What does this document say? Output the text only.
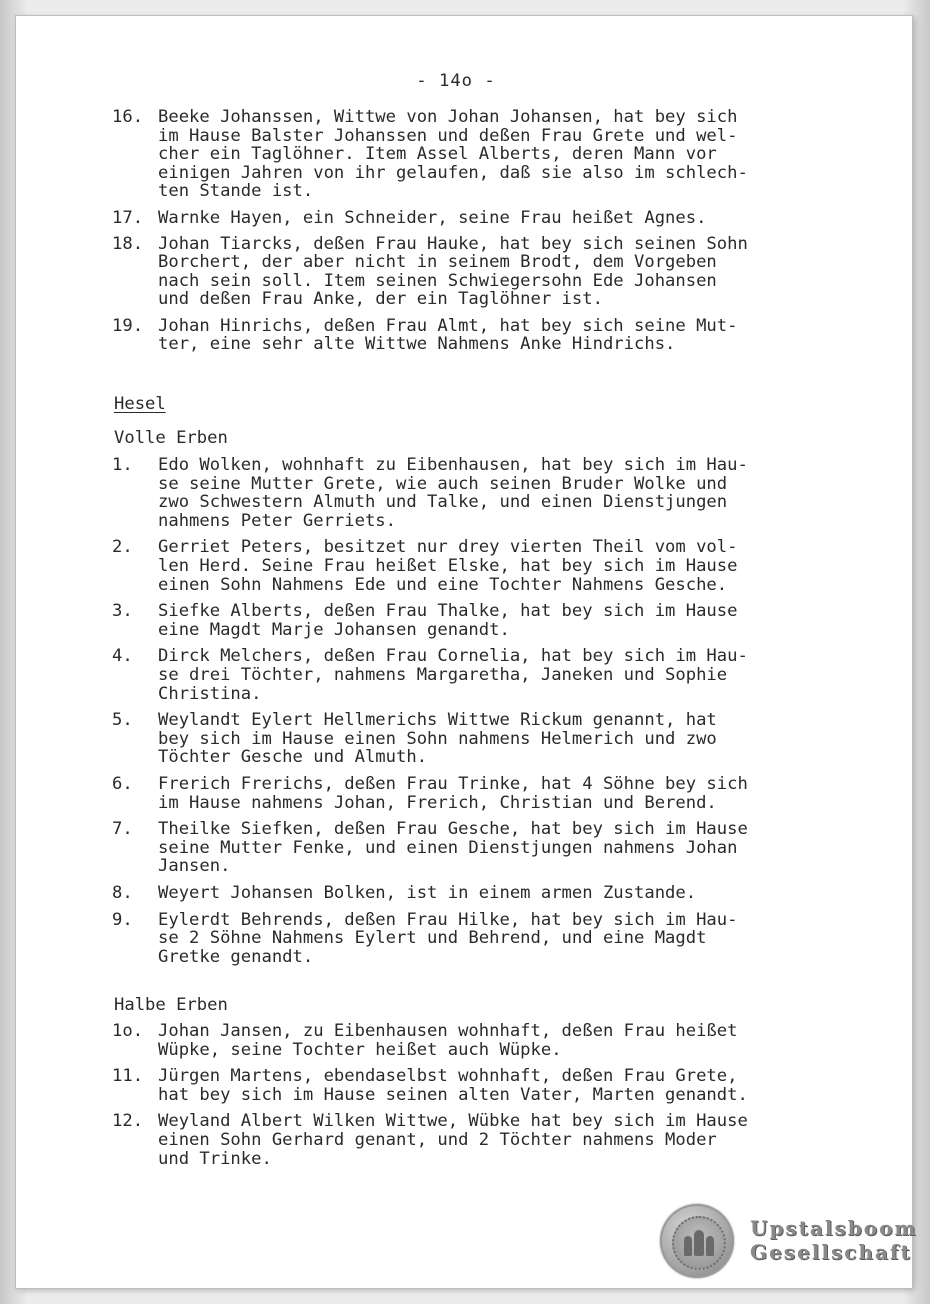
- 14o -
16. Beeke Johanssen, Wittwe von Johan Johansen, hat bey sich
im Hause Balster Johanssen und deßen Frau Grete und wel-
cher ein Taglöhner. Item Assel Alberts, deren Mann vor
einigen Jahren von ihr gelaufen, daß sie also im schlech-
ten Stande ist.
17. Warnke Hayen, ein Schneider, seine Frau heißet Agnes.
18. Johan Tiarcks, deßen Frau Hauke, hat bey sich seinen Sohn
Borchert, der aber nicht in seinem Brodt, dem Vorgeben
nach sein soll. Item seinen Schwiegersohn Ede Johansen
und deßen Frau Anke, der ein Taglöhner ist.
19. Johan Hinrichs, deßen Frau Almt, hat bey sich seine Mut-
ter, eine sehr alte Wittwe Nahmens Anke Hindrichs.
Hesel
Volle Erben
1.	Edo Wolken, wohnhaft zu Eibenhausen, hat bey sich im Hau-
se seine Mutter Grete, wie auch seinen Bruder Wolke und
zwo Schwestern Almuth und Talke, und einen Dienstjungen
nahmens Peter Gerriets.
2.	Gerriet Peters, besitzet nur drey vierten Theil vom vol-
len Herd. Seine Frau heißet Elske, hat bey sich im Hause
einen Sohn Nahmens Ede und eine Tochter Nahmens Gesche.
3.	Siefke Alberts, deßen Frau Thalke, hat bey sich im Hause
eine Magdt Marje Johansen genandt.
4.	Dirck Melchers, deßen Frau Cornelia, hat bey sich im Hau-
se drei Töchter, nahmens Margaretha, Janeken und Sophie
Christina.
5.	Weylandt Eylert Hellmerichs Wittwe Rickum genannt, hat
bey sich im Hause einen Sohn nahmens Helmerich und zwo
Töchter Gesche und Almuth.
6.	Frerich Frerichs, deßen Frau Trinke, hat 4 Söhne bey sich
im Hause nahmens Johan, Frerich, Christian und Berend.
7.	Theilke Siefken, deßen Frau Gesche, hat bey sich im Hause
seine Mutter Fenke, und einen Dienstjungen nahmens Johan
Jansen.
8.	Weyert Johansen Bolken, ist in einem armen Zustande.
9.	Eylerdt Behrends, deßen Frau Hilke, hat bey sich im Hau-
se 2 Söhne Nahmens Eylert und Behrend, und eine Magdt
Gretke genandt.
Halbe Erben
1o. Johan Jansen, zu Eibenhausen wohnhaft, deßen Frau heißet
Wüpke, seine Tochter heißet auch Wüpke.
11. Jürgen Martens, ebendaselbst wohnhaft, deßen Frau Grete,
hat bey sich im Hause seinen alten Vater, Marten genandt.
12. Weyland Albert Wilken Wittwe, Wübke hat bey sich im Hause
einen Sohn Gerhard genant, und 2 Töchter nahmens Moder
und Trinke.
Upstalsboom
Gesellschaft
